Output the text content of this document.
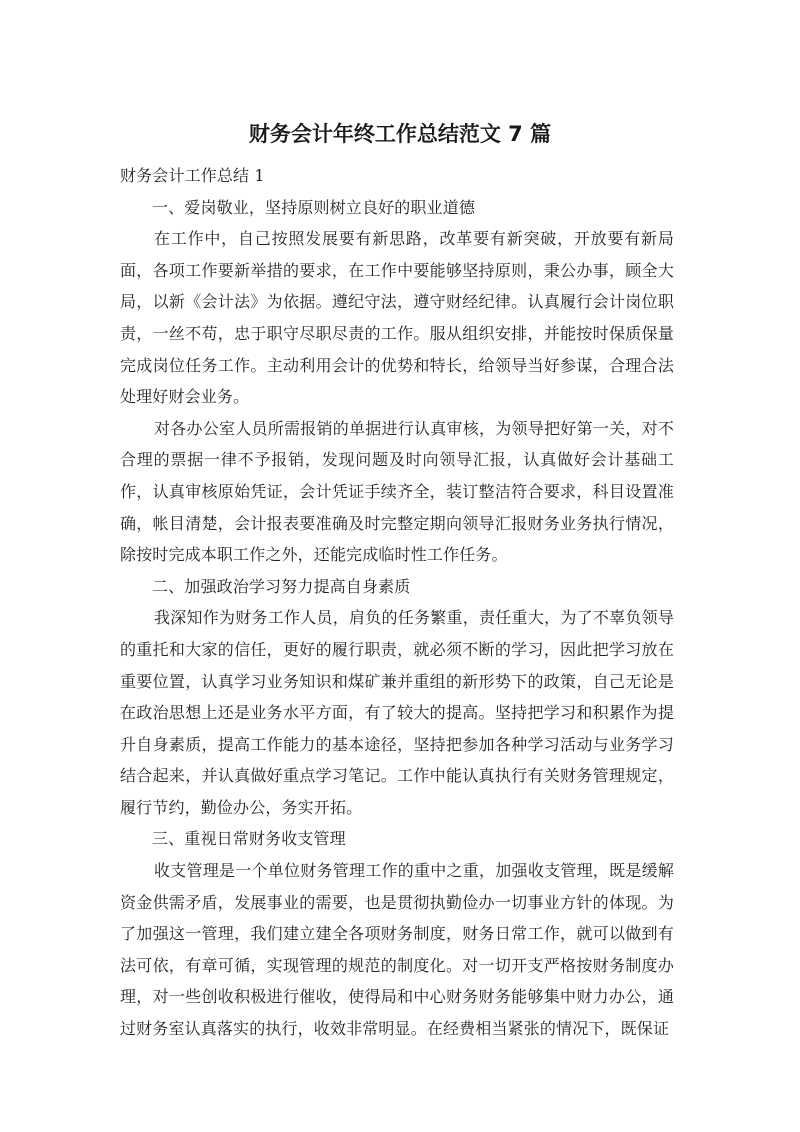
财务会计年终工作总结范文 7 篇
财务会计工作总结 1
一、爱岗敬业，坚持原则树立良好的职业道德

在工作中，自己按照发展要有新思路，改革要有新突破，开放要有新局面，各项工作要新举措的要求，在工作中要能够坚持原则，秉公办事，顾全大局，以新《会计法》为依据。遵纪守法，遵守财经纪律。认真履行会计岗位职责，一丝不苟，忠于职守尽职尽责的工作。服从组织安排，并能按时保质保量完成岗位任务工作。主动利用会计的优势和特长，给领导当好参谋，合理合法处理好财会业务。

对各办公室人员所需报销的单据进行认真审核，为领导把好第一关，对不合理的票据一律不予报销，发现问题及时向领导汇报，认真做好会计基础工作，认真审核原始凭证，会计凭证手续齐全，装订整洁符合要求，科目设置准确，帐目清楚，会计报表要准确及时完整定期向领导汇报财务业务执行情况，除按时完成本职工作之外，还能完成临时性工作任务。

二、加强政治学习努力提高自身素质

我深知作为财务工作人员，肩负的任务繁重，责任重大，为了不辜负领导的重托和大家的信任，更好的履行职责，就必须不断的学习，因此把学习放在重要位置，认真学习业务知识和煤矿兼并重组的新形势下的政策，自己无论是在政治思想上还是业务水平方面，有了较大的提高。坚持把学习和积累作为提升自身素质，提高工作能力的基本途径，坚持把参加各种学习活动与业务学习结合起来，并认真做好重点学习笔记。工作中能认真执行有关财务管理规定，履行节约，勤俭办公，务实开拓。

三、重视日常财务收支管理

收支管理是一个单位财务管理工作的重中之重，加强收支管理，既是缓解资金供需矛盾，发展事业的需要，也是贯彻执勤俭办一切事业方针的体现。为了加强这一管理，我们建立建全各项财务制度，财务日常工作，就可以做到有法可依，有章可循，实现管理的规范的制度化。对一切开支严格按财务制度办理，对一些创收积极进行催收，使得局和中心财务财务能够集中财力办公，通过财务室认真落实的执行，收效非常明显。在经费相当紧张的情况下，既保证
